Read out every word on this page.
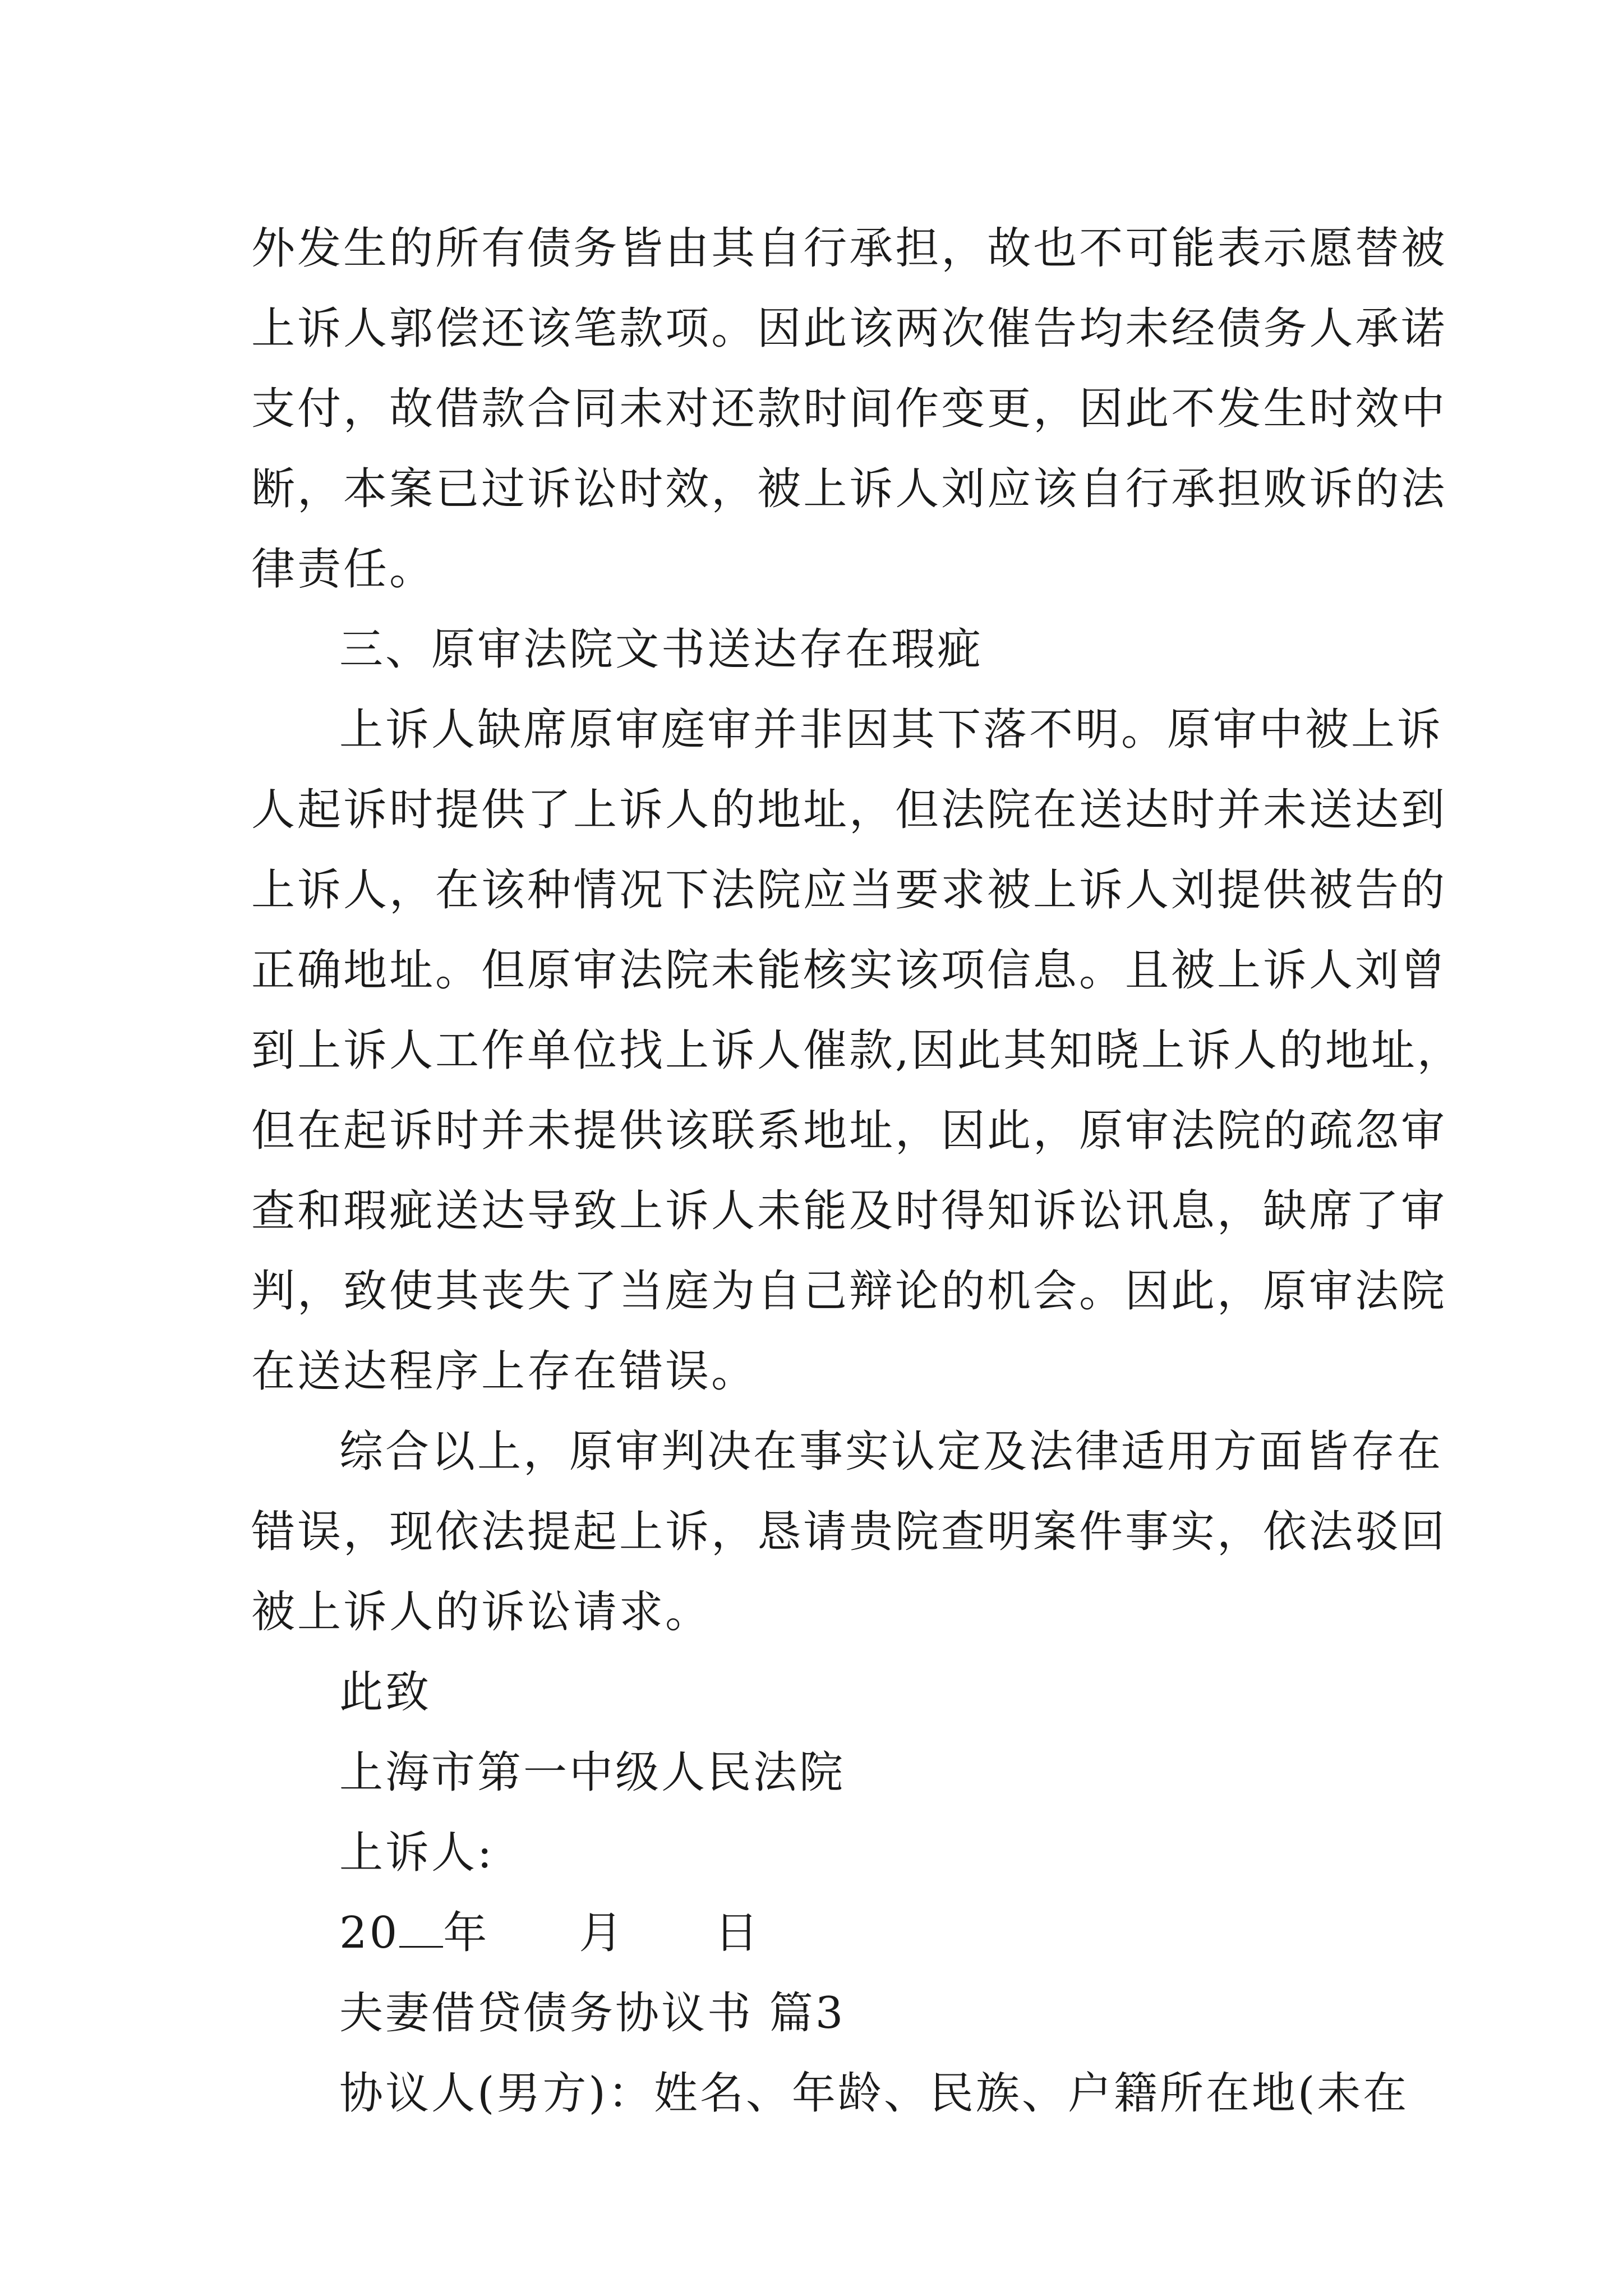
外 发 生 的 所 有 债 务 皆 由 其 自 行 承 担 ， 故 也 不 可 能 表 示 愿 替 被
上 诉 人 郭 偿 还 该 笔 款 项 。 因 此 该 两 次 催 告 均 未 经 债 务 人 承 诺
支 付 ， 故 借 款 合 同 未 对 还 款 时 间 作 变 更 ， 因 此 不 发 生 时 效 中
断 ， 本 案 已 过 诉 讼 时 效 ， 被 上 诉 人 刘 应 该 自 行 承 担 败 诉 的 法
律责任。
三、原审法院文书送达存在瑕疵
上诉人缺席原审庭审并非因其下落不明。原审中被上诉
人起诉时提供了上诉人的地址，但法院在送达时并未送达到
上诉人，在该种情况下法院应当要求被上诉人刘提供被告的
正确地址。但原审法院未能核实该项信息。且被上诉人刘曾
到上诉人工作单位找上诉人催款,因此其知晓上诉人的地址，
但在起诉时并未提供该联系地址，因此，原审法院的疏忽审
查和瑕疵送达导致上诉人未能及时得知诉讼讯息，缺席了审
判，致使其丧失了当庭为自己辩论的机会。因此，原审法院
在送达程序上存在错误。
综合以上，原审判决在事实认定及法律适用方面皆存在
错误，现依法提起上诉，恳请贵院查明案件事实，依法驳回
被上诉人的诉讼请求。
此致
上海市第一中级人民法院
上诉人:
20 年 月 日
夫妻借贷债务协议书 篇3
协议人(男方)：姓名、年龄、民族、户籍所在地(未在
